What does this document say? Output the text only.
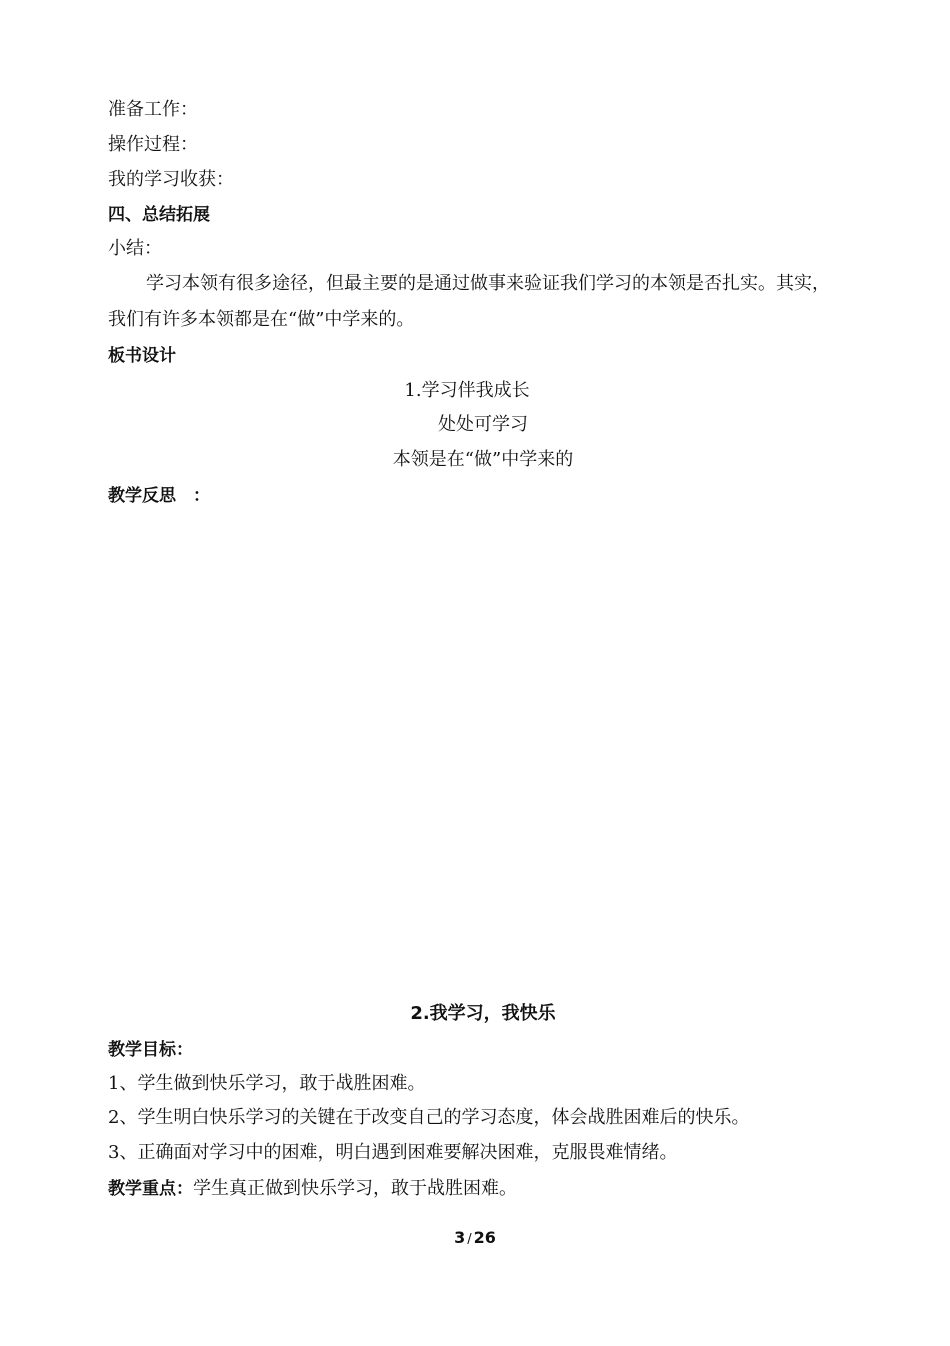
准备工作：
操作过程：
我的学习收获：
四、总结拓展
小结：
学习本领有很多途径，但最主要的是通过做事来验证我们学习的本领是否扎实。其实，
我们有许多本领都是在“做”中学来的。
板书设计
1.学习伴我成长
处处可学习
本领是在“做”中学来的
教学反思　：
2.我学习，我快乐
教学目标：
1、学生做到快乐学习，敢于战胜困难。
2、学生明白快乐学习的关键在于改变自己的学习态度，体会战胜困难后的快乐。
3、正确面对学习中的困难，明白遇到困难要解决困难，克服畏难情绪。
教学重点：学生真正做到快乐学习，敢于战胜困难。
3 / 26
